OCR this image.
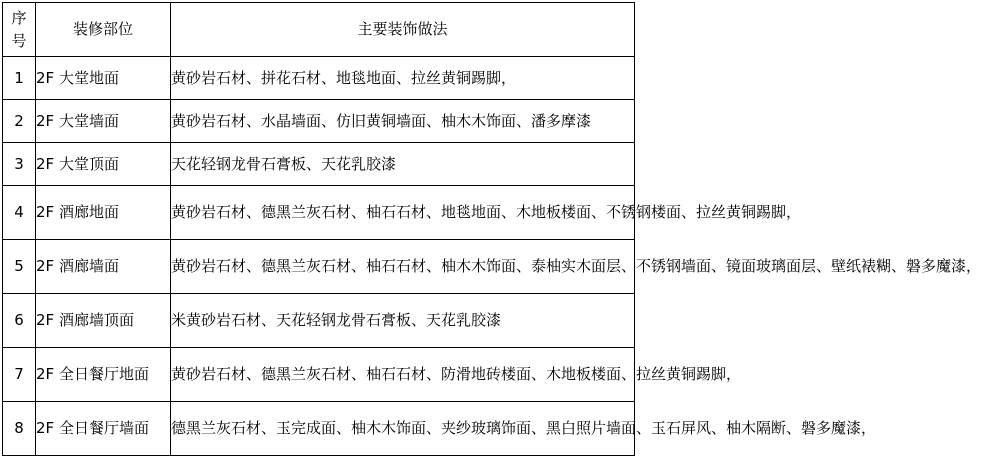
序号	装修部位	主要装饰做法
1	2F 大堂地面	黄砂岩石材、拼花石材、地毯地面、拉丝黄铜踢脚，
2	2F 大堂墙面	黄砂岩石材、水晶墙面、仿旧黄铜墙面、柚木木饰面、潘多摩漆
3	2F 大堂顶面	天花轻钢龙骨石膏板、天花乳胶漆
4	2F 酒廊地面	黄砂岩石材、德黑兰灰石材、柚石石材、地毯地面、木地板楼面、不锈钢楼面、拉丝黄铜踢脚，
5	2F 酒廊墙面	黄砂岩石材、德黑兰灰石材、柚石石材、柚木木饰面、泰柚实木面层、不锈钢墙面、镜面玻璃面层、壁纸裱糊、磐多魔漆，
6	2F 酒廊墙顶面	米黄砂岩石材、天花轻钢龙骨石膏板、天花乳胶漆
7	2F 全日餐厅地面	黄砂岩石材、德黑兰灰石材、柚石石材、防滑地砖楼面、木地板楼面、拉丝黄铜踢脚，
8	2F 全日餐厅墙面	德黑兰灰石材、玉完成面、柚木木饰面、夹纱玻璃饰面、黑白照片墙面、玉石屏风、柚木隔断、磐多魔漆，
